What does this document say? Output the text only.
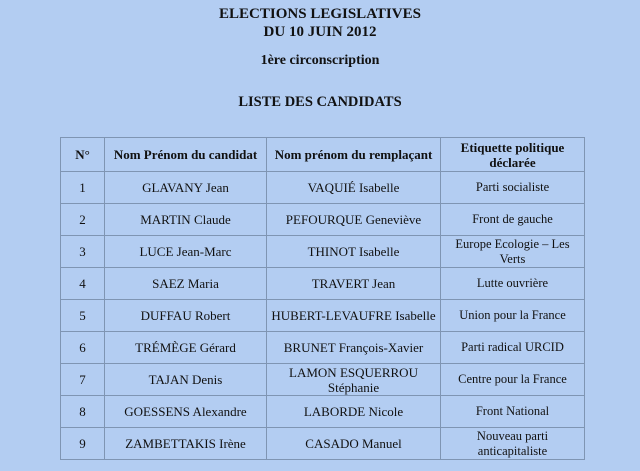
ELECTIONS LEGISLATIVES
DU 10 JUIN 2012
1ère circonscription
LISTE DES CANDIDATS
N°	Nom Prénom du candidat	Nom prénom du remplaçant	Etiquette politique déclarée
1	GLAVANY Jean	VAQUIÉ Isabelle	Parti socialiste
2	MARTIN Claude	PEFOURQUE Geneviève	Front de gauche
3	LUCE Jean-Marc	THINOT Isabelle	Europe Ecologie – Les Verts
4	SAEZ Maria	TRAVERT Jean	Lutte ouvrière
5	DUFFAU Robert	HUBERT-LEVAUFRE Isabelle	Union pour la France
6	TRÉMÈGE Gérard	BRUNET François-Xavier	Parti radical URCID
7	TAJAN Denis	LAMON ESQUERROU Stéphanie	Centre pour la France
8	GOESSENS Alexandre	LABORDE Nicole	Front National
9	ZAMBETTAKIS Irène	CASADO Manuel	Nouveau parti anticapitaliste
